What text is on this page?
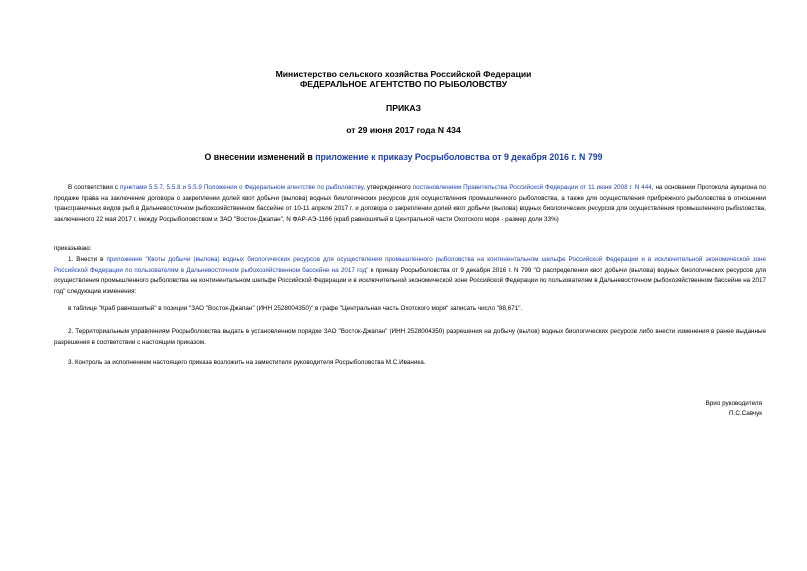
Министерство сельского хозяйства Российской Федерации
ФЕДЕРАЛЬНОЕ АГЕНТСТВО ПО РЫБОЛОВСТВУ
ПРИКАЗ
от 29 июня 2017 года N 434
О внесении изменений в приложение к приказу Росрыболовства от 9 декабря 2016 г. N 799
В соответствии с пунктами 5.5.7, 5.5.8 и 5.5.9 Положения о Федеральном агентстве по рыболовству, утвержденного постановлением Правительства Российской Федерации от 11 июня 2008 г. N 444, на основании Протокола аукциона по продаже права на заключение договора о закреплении долей квот добычи (вылова) водных биологических ресурсов для осуществления промышленного рыболовства, а также для осуществления прибрежного рыболовства в отношении трансграничных видов рыб в Дальневосточном рыбохозяйственном бассейне от 10-11 апреля 2017 г. и договора о закреплении долей квот добычи (вылова) водных биологических ресурсов для осуществления промышленного рыболовства, заключенного 22 мая 2017 г. между Росрыболовством и ЗАО "Восток-Джапан", N ФАР-АЭ-1166 (краб равношипый в Центральной части Охотского моря - размер доли 33%)
приказываю:
1. Внести в приложение "Квоты добычи (вылова) водных биологических ресурсов для осуществления промышленного рыболовства на континентальном шельфе Российской Федерации и в исключительной экономической зоне Российской Федерации по пользователям в Дальневосточном рыбохозяйственном бассейне на 2017 год" к приказу Росрыболовства от 9 декабря 2016 г. N 799 "О распределении квот добычи (вылова) водных биологических ресурсов для осуществления промышленного рыболовства на континентальном шельфе Российской Федерации и в исключительной экономической зоне Российской Федерации по пользователям в Дальневосточном рыбохозяйственном бассейне на 2017 год" следующие изменения:
в таблице "Краб равношипый" в позиции "ЗАО "Восток-Джапан" (ИНН 2528004350)" в графе "Центральная часть Охотского моря" записать число "88,671".
2. Территориальным управлениям Росрыболовства выдать в установленном порядке ЗАО "Восток-Джапан" (ИНН 2528004350) разрешения на добычу (вылов) водных биологических ресурсов либо внести изменения в ранее выданные разрешения в соответствии с настоящим приказом.
3. Контроль за исполнением настоящего приказа возложить на заместителя руководителя Росрыболовства М.С.Иваника.
Врио руководителя
П.С.Савчук
